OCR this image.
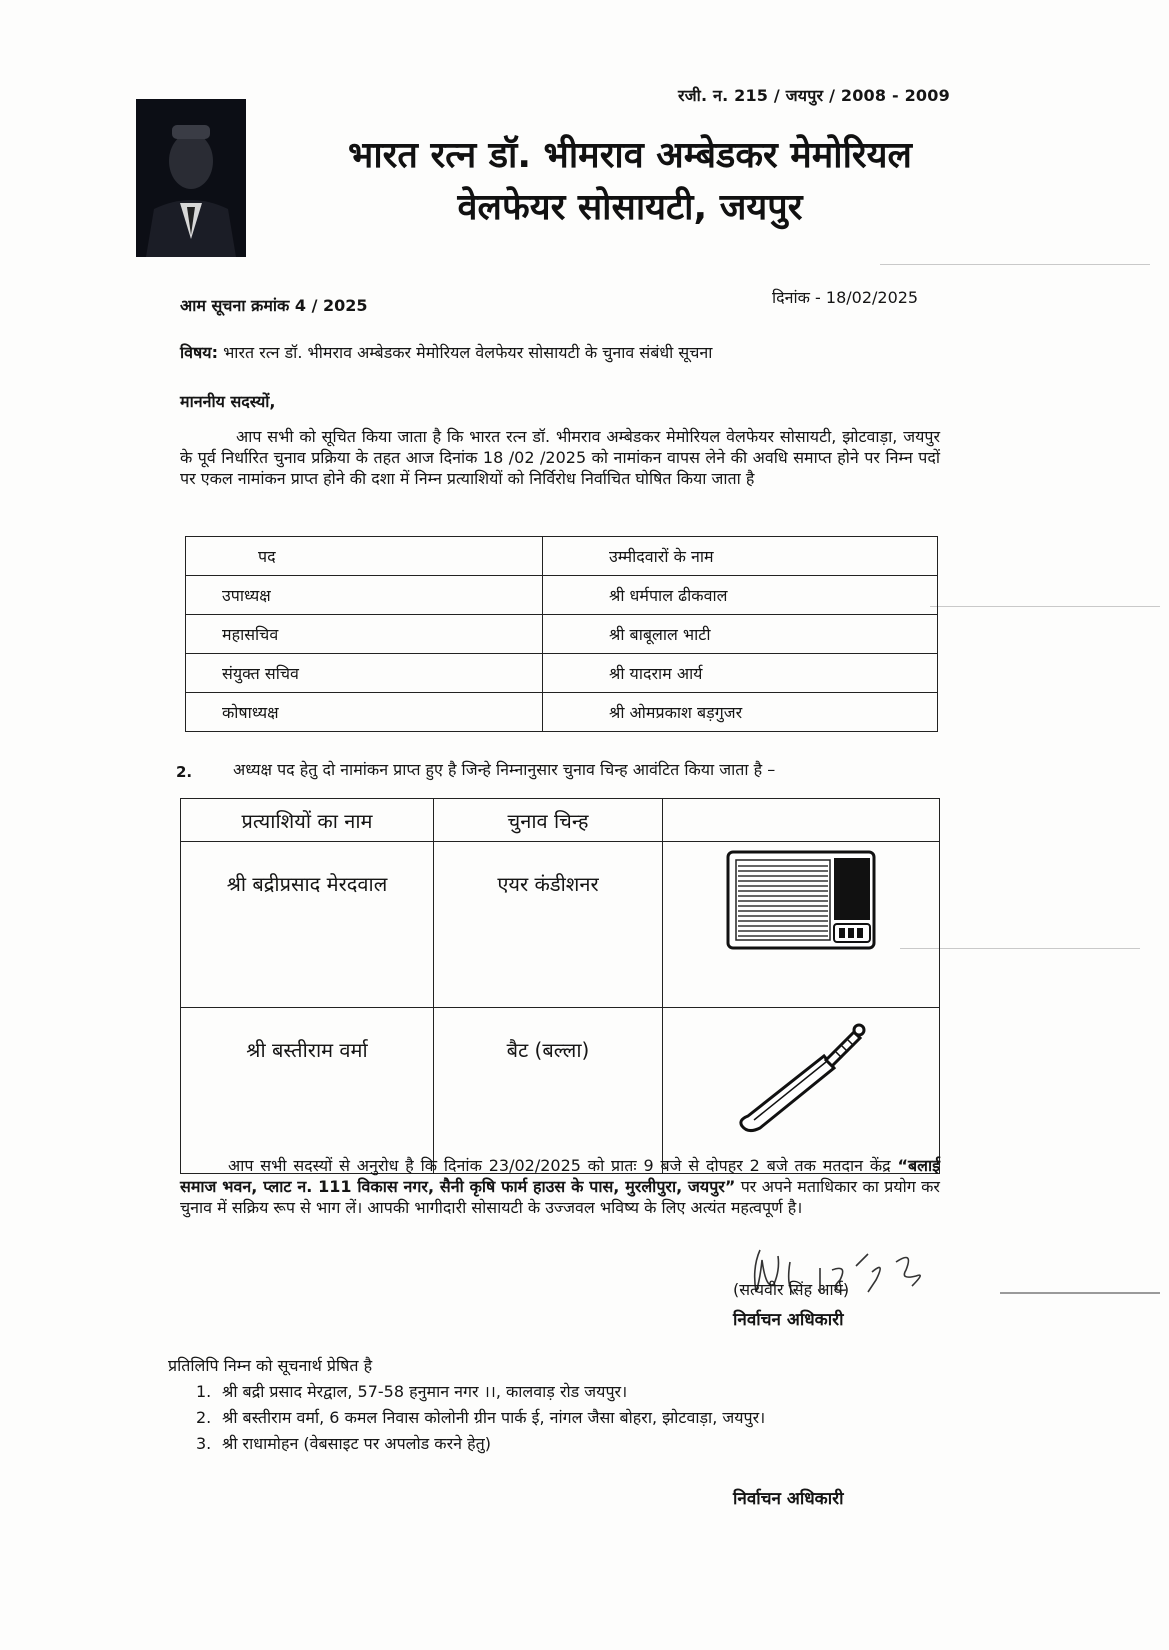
रजी. न. 215 / जयपुर / 2008 - 2009
भारत रत्न डॉ. भीमराव अम्बेडकर मेमोरियल
वेलफेयर सोसायटी, जयपुर
आम सूचना क्रमांक 4 / 2025	दिनांक - 18/02/2025
विषय: भारत रत्न डॉ. भीमराव अम्बेडकर मेमोरियल वेलफेयर सोसायटी के चुनाव संबंधी सूचना
माननीय सदस्यों,
आप सभी को सूचित किया जाता है कि भारत रत्न डॉ. भीमराव अम्बेडकर मेमोरियल वेलफेयर सोसायटी, झोटवाड़ा, जयपुर के पूर्व निर्धारित चुनाव प्रक्रिया के तहत आज दिनांक 18 /02 /2025 को नामांकन वापस लेने की अवधि समाप्त होने पर निम्न पदों पर एकल नामांकन प्राप्त होने की दशा में निम्न प्रत्याशियों को निर्विरोध निर्वाचित घोषित किया जाता है
पद	उम्मीदवारों के नाम
उपाध्यक्ष	श्री धर्मपाल ढीकवाल
महासचिव	श्री बाबूलाल भाटी
संयुक्त सचिव	श्री यादराम आर्य
कोषाध्यक्ष	श्री ओमप्रकाश बड़गुजर
2.	अध्यक्ष पद हेतु दो नामांकन प्राप्त हुए है जिन्हे निम्नानुसार चुनाव चिन्ह आवंटित किया जाता है –
प्रत्याशियों का नाम	चुनाव चिन्ह	
श्री बद्रीप्रसाद मेरदवाल	एयर कंडीशनर	
श्री बस्तीराम वर्मा	बैट (बल्ला)	
आप सभी सदस्यों से अनुरोध है कि दिनांक 23/02/2025 को प्रातः 9 बजे से दोपहर 2 बजे तक मतदान केंद्र “बलाई समाज भवन, प्लाट न. 111 विकास नगर, सैनी कृषि फार्म हाउस के पास, मुरलीपुरा, जयपुर” पर अपने मताधिकार का प्रयोग कर चुनाव में सक्रिय रूप से भाग लें। आपकी भागीदारी सोसायटी के उज्जवल भविष्य के लिए अत्यंत महत्वपूर्ण है।
(सत्यवीर सिंह आर्य)
निर्वाचन अधिकारी
प्रतिलिपि निम्न को सूचनार्थ प्रेषित है
1. श्री बद्री प्रसाद मेरद्वाल, 57-58 हनुमान नगर ।।, कालवाड़ रोड जयपुर।
2. श्री बस्तीराम वर्मा, 6 कमल निवास कोलोनी ग्रीन पार्क ई, नांगल जैसा बोहरा, झोटवाड़ा, जयपुर।
3. श्री राधामोहन (वेबसाइट पर अपलोड करने हेतु)
निर्वाचन अधिकारी
